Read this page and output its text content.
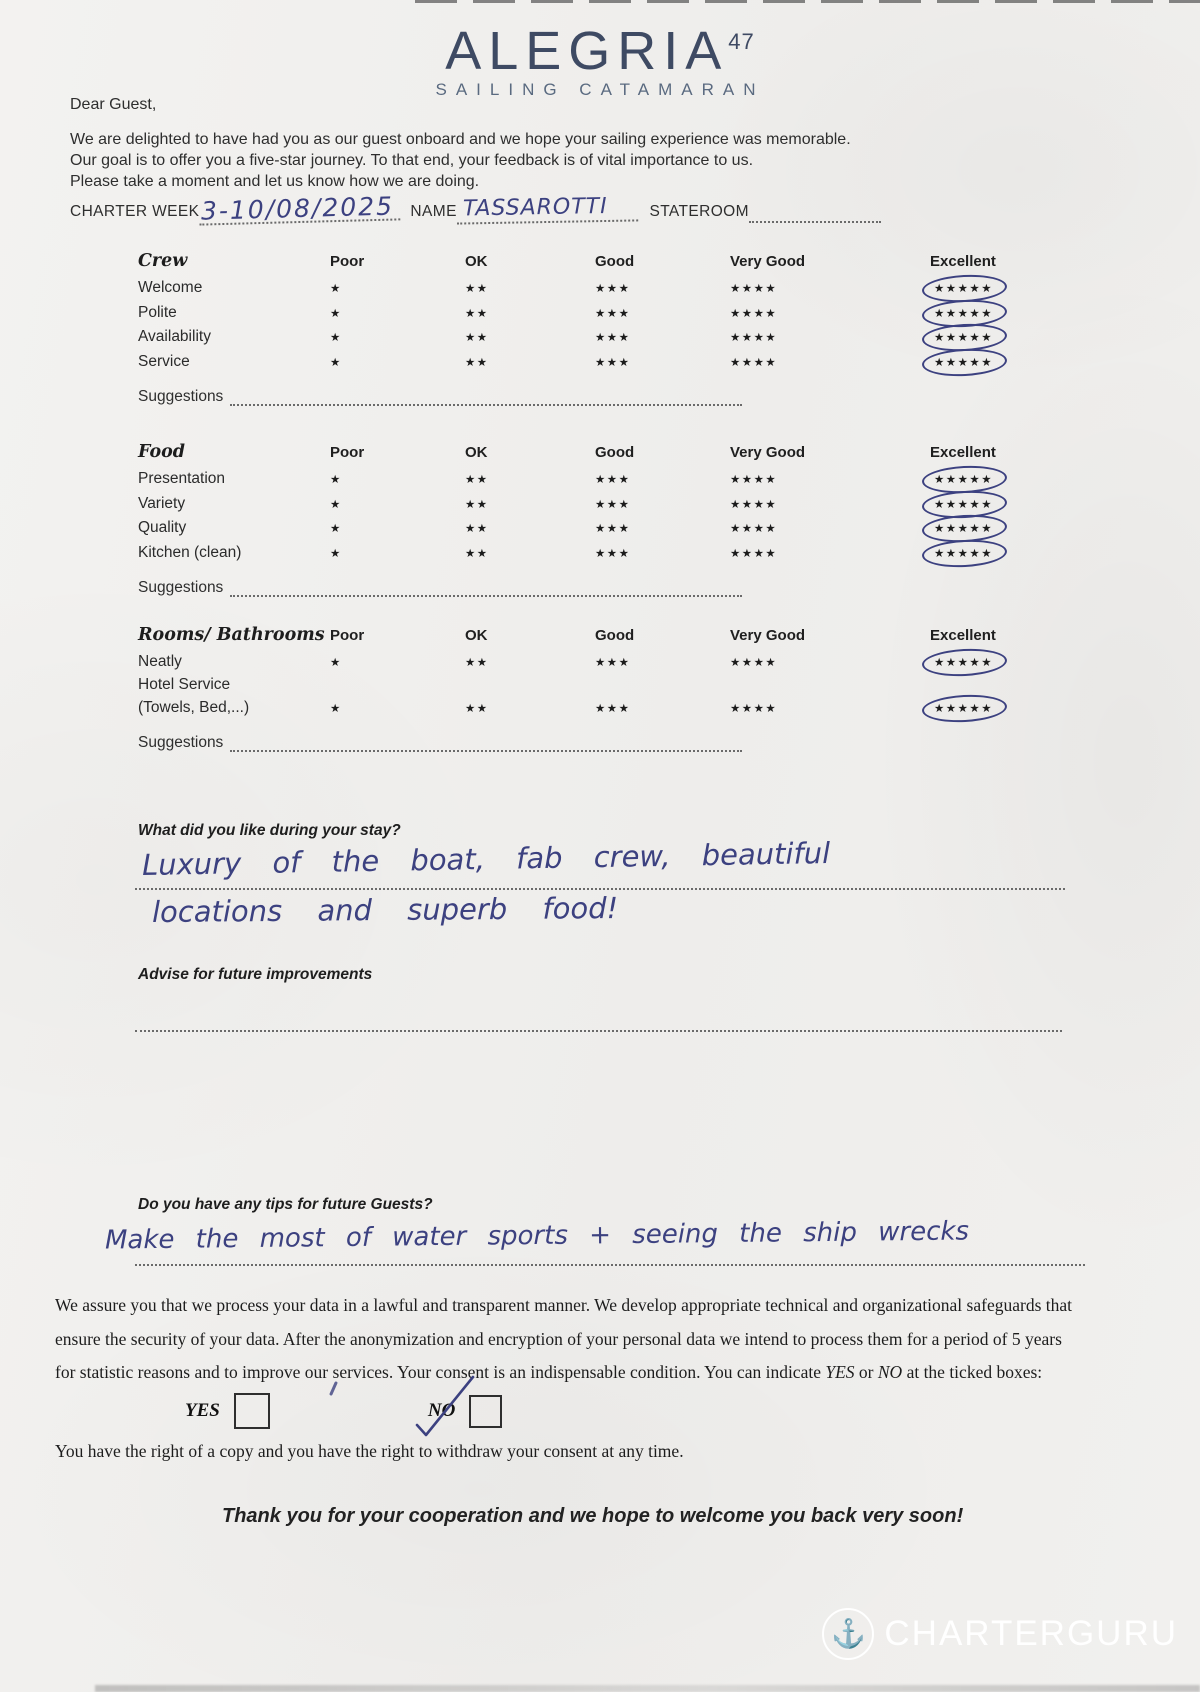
ALEGRIA47
SAILING CATAMARAN
Dear Guest,
We are delighted to have had you as our guest onboard and we hope your sailing experience was memorable.
Our goal is to offer you a five-star journey. To that end, your feedback is of vital importance to us.
Please take a moment and let us know how we are doing.
CHARTER WEEK 3-10/08/2025	NAME TASSAROTTI	STATEROOM
Crew	Poor	OK	Good	Very Good	Excellent
Welcome	★	★★	★★★	★★★★	★★★★★
Polite	★	★★	★★★	★★★★	★★★★★
Availability	★	★★	★★★	★★★★	★★★★★
Service	★	★★	★★★	★★★★	★★★★★
Suggestions
Food	Poor	OK	Good	Very Good	Excellent
Presentation	★	★★	★★★	★★★★	★★★★★
Variety	★	★★	★★★	★★★★	★★★★★
Quality	★	★★	★★★	★★★★	★★★★★
Kitchen (clean)	★	★★	★★★	★★★★	★★★★★
Suggestions
Rooms/ Bathrooms Poor	OK	Good	Very Good	Excellent
Neatly	★	★★	★★★	★★★★	★★★★★
Hotel Service
(Towels, Bed,...)	★	★★	★★★	★★★★	★★★★★
Suggestions
What did you like during your stay?
Luxury of the boat, fab crew, beautiful
locations and superb food!
Advise for future improvements
Do you have any tips for future Guests?
Make the most of water sports + seeing the ship wrecks
We assure you that we process your data in a lawful and transparent manner. We develop appropriate technical and organizational safeguards that
ensure the security of your data. After the anonymization and encryption of your personal data we intend to process them for a period of 5 years
for statistic reasons and to improve our services. Your consent is an indispensable condition. You can indicate YES or NO at the ticked boxes:
YES	NO
You have the right of a copy and you have the right to withdraw your consent at any time.
Thank you for your cooperation and we hope to welcome you back very soon!
⚓ CHARTERGURU
